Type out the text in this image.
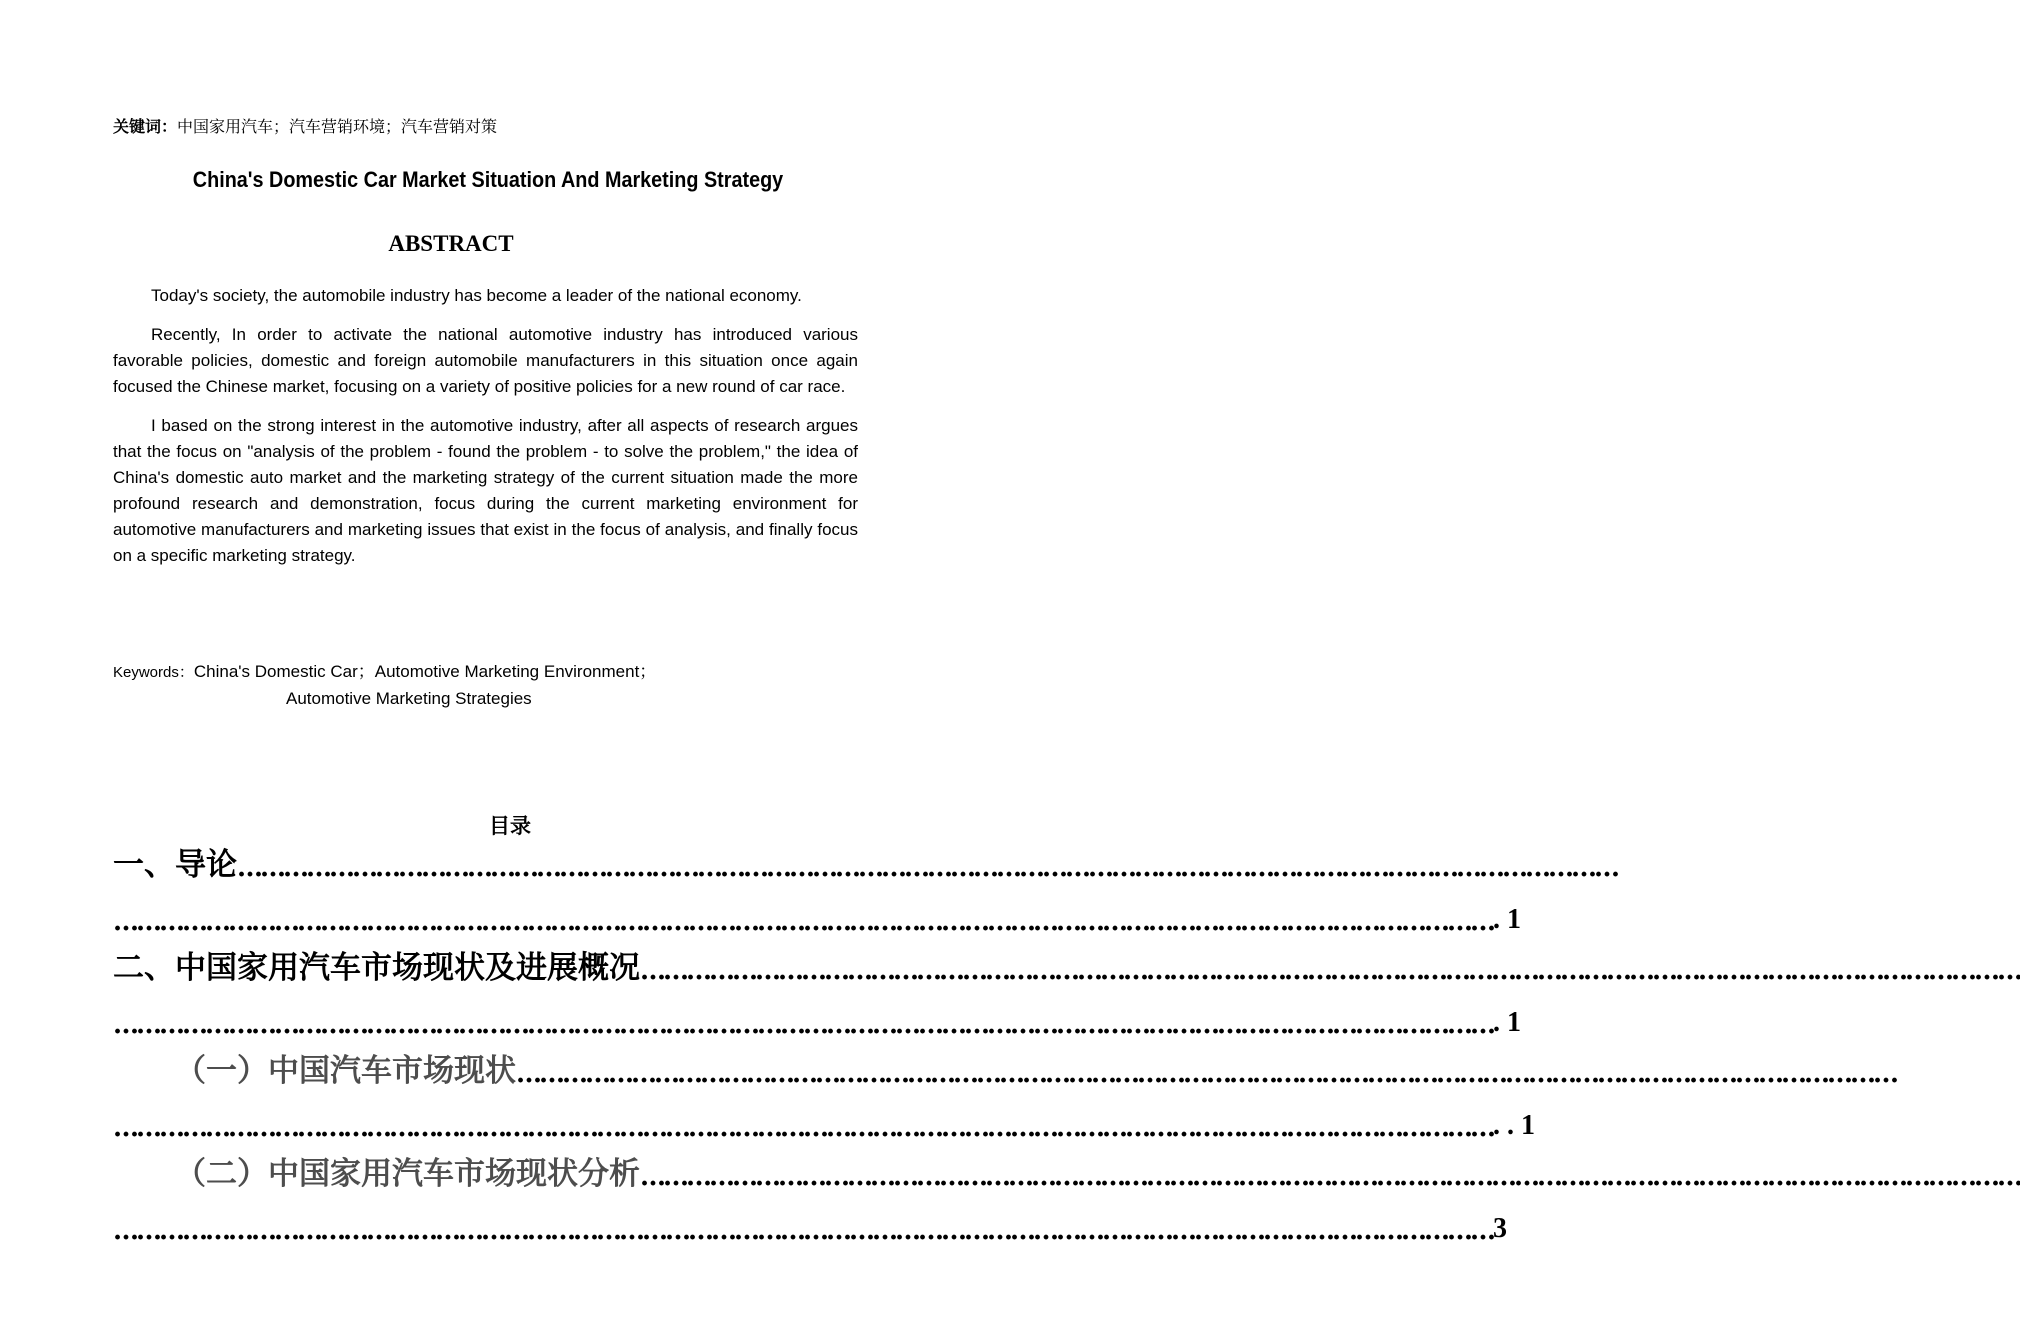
关键词：中国家用汽车；汽车营销环境；汽车营销对策
China's Domestic Car Market Situation And Marketing Strategy
ABSTRACT

Today's society, the automobile industry has become a leader of the national economy.

Recently, In order to activate the national automotive industry has introduced various favorable policies, domestic and foreign automobile manufacturers in this situation once again focused the Chinese market, focusing on a variety of positive policies for a new round of car race.

I based on the strong interest in the automotive industry, after all aspects of research argues that the focus on "analysis of the problem - found the problem - to solve the problem," the idea of China's domestic auto market and the marketing strategy of the current situation made the more profound research and demonstration, focus during the current marketing environment for automotive manufacturers and marketing issues that exist in the focus of analysis, and finally focus on a specific marketing strategy.

Keywords：China's Domestic Car；Automotive Marketing Environment；
Automotive Marketing Strategies
目录
一、导论 ………………………………………………………………………………………………………………………………………………………………
……………………………………………………………………………………………………………………………………………………………… . 1
二、中国家用汽车市场现状及进展概况 ………………………………………………………………………………………………………………………………………………………………
……………………………………………………………………………………………………………………………………………………………… . 1
（一）中国汽车市场现状 ………………………………………………………………………………………………………………………………………………………………
……………………………………………………………………………………………………………………………………………………………… . . 1
（二）中国家用汽车市场现状分析 ………………………………………………………………………………………………………………………………………………………………
……………………………………………………………………………………………………………………………………………………………… 3
